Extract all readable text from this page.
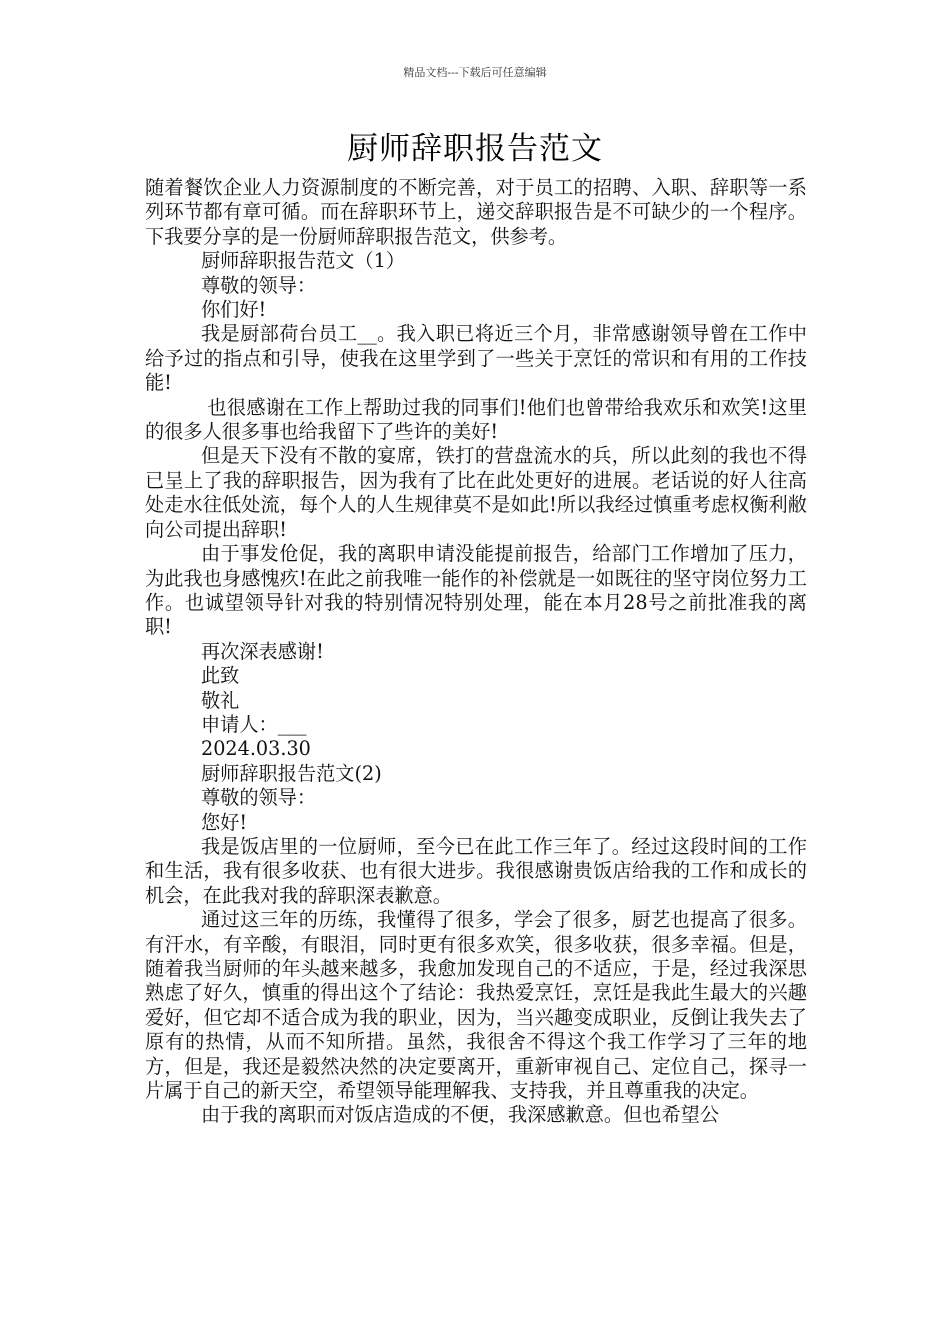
精品文档---下载后可任意编辑
厨师辞职报告范文

随着餐饮企业人力资源制度的不断完善，对于员工的招聘、入职、辞职等一系列环节都有章可循。而在辞职环节上，递交辞职报告是不可缺少的一个程序。下我要分享的是一份厨师辞职报告范文，供参考。

厨师辞职报告范文（1）

尊敬的领导：

你们好!

我是厨部荷台员工__。我入职已将近三个月，非常感谢领导曾在工作中给予过的指点和引导，使我在这里学到了一些关于烹饪的常识和有用的工作技能!

也很感谢在工作上帮助过我的同事们!他们也曾带给我欢乐和欢笑!这里的很多人很多事也给我留下了些许的美好!

但是天下没有不散的宴席，铁打的营盘流水的兵，所以此刻的我也不得已呈上了我的辞职报告，因为我有了比在此处更好的进展。老话说的好人往高处走水往低处流，每个人的人生规律莫不是如此!所以我经过慎重考虑权衡利敝向公司提出辞职!

由于事发伧促，我的离职申请没能提前报告，给部门工作增加了压力，为此我也身感愧疚!在此之前我唯一能作的补偿就是一如既往的坚守岗位努力工作。也诚望领导针对我的特别情况特别处理，能在本月28号之前批准我的离职!

再次深表感谢!

此致

敬礼

申请人：___

2024.03.30

厨师辞职报告范文(2)

尊敬的领导：

您好!

我是饭店里的一位厨师，至今已在此工作三年了。经过这段时间的工作和生活，我有很多收获、也有很大进步。我很感谢贵饭店给我的工作和成长的机会，在此我对我的辞职深表歉意。

通过这三年的历练，我懂得了很多，学会了很多，厨艺也提高了很多。有汗水，有辛酸，有眼泪，同时更有很多欢笑，很多收获，很多幸福。但是，随着我当厨师的年头越来越多，我愈加发现自己的不适应，于是，经过我深思熟虑了好久，慎重的得出这个了结论：我热爱烹饪，烹饪是我此生最大的兴趣爱好，但它却不适合成为我的职业，因为，当兴趣变成职业，反倒让我失去了原有的热情，从而不知所措。虽然，我很舍不得这个我工作学习了三年的地方，但是，我还是毅然决然的决定要离开，重新审视自己、定位自己，探寻一片属于自己的新天空，希望领导能理解我、支持我，并且尊重我的决定。

由于我的离职而对饭店造成的不便，我深感歉意。但也希望公
